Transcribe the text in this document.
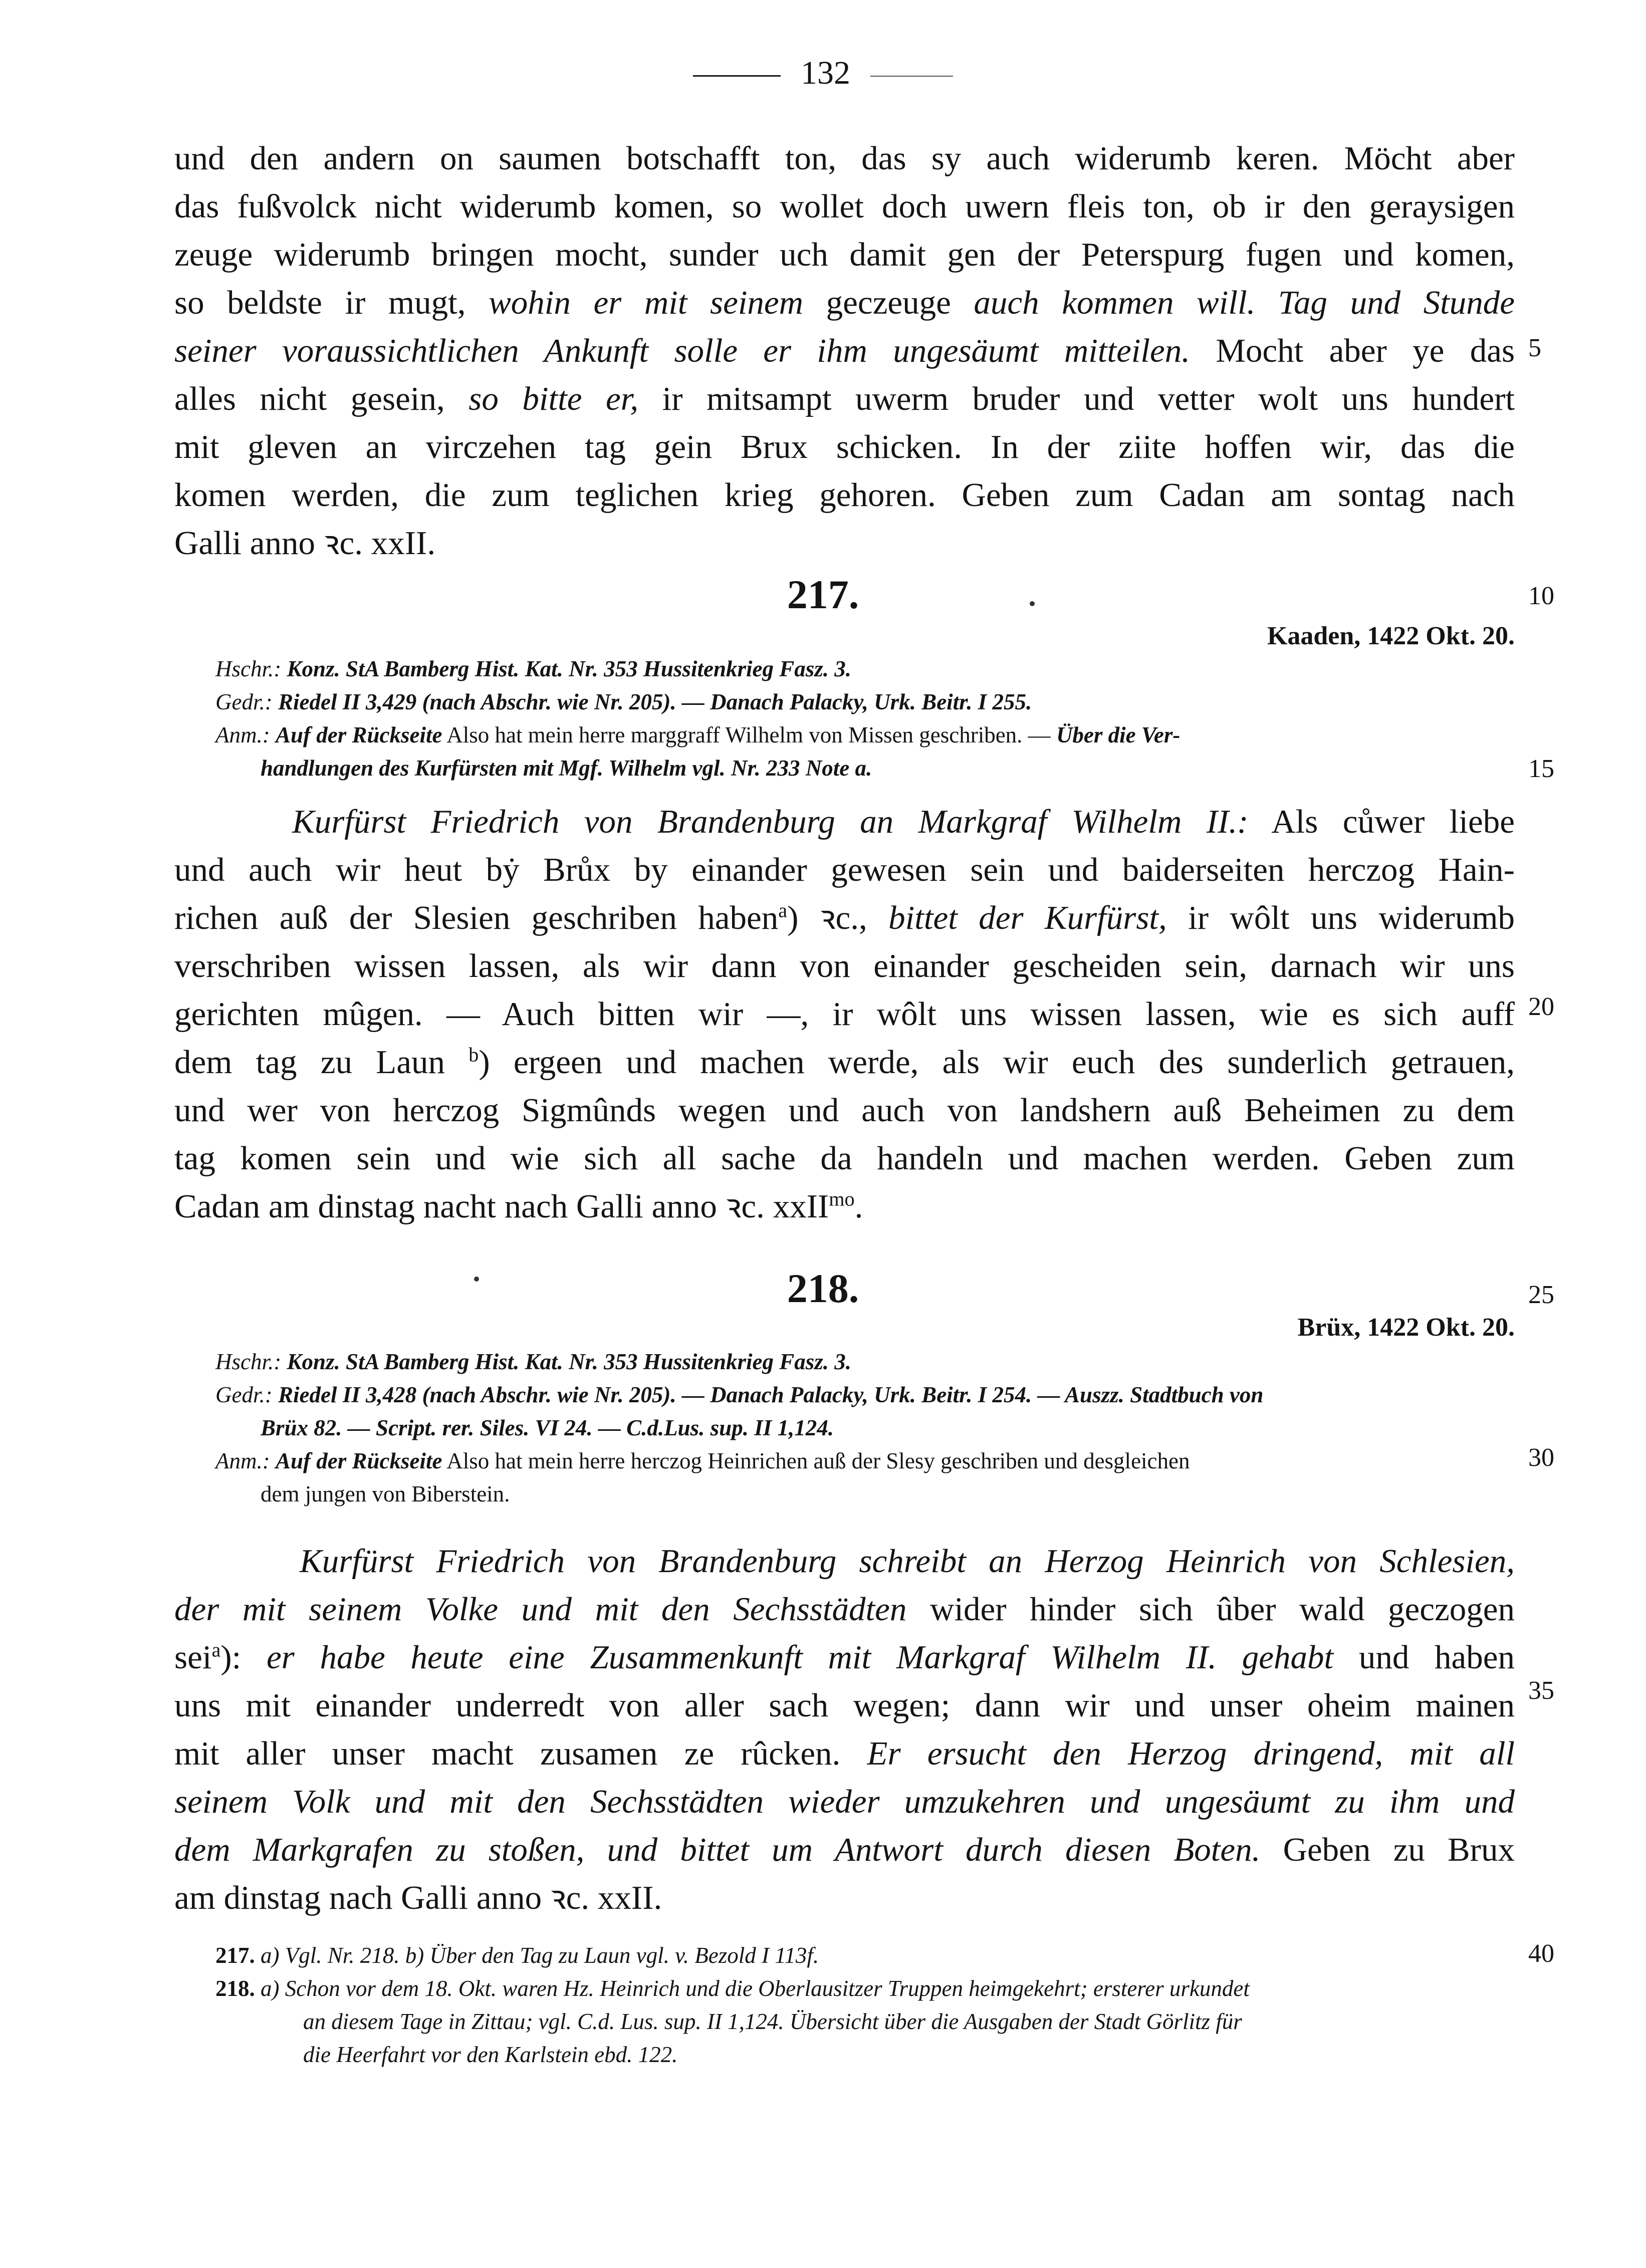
132
und den andern on saumen botschafft ton, das sy auch widerumb keren. Möcht aber
das fußvolck nicht widerumb komen, so wollet doch uwern fleis ton, ob ir den geraysigen
zeuge widerumb bringen mocht, sunder uch damit gen der Peterspurg fugen und komen,
so beldste ir mugt, wohin er mit seinem geczeuge auch kommen will. Tag und Stunde
seiner voraussichtlichen Ankunft solle er ihm ungesäumt mitteilen. Mocht aber ye das
alles nicht gesein, so bitte er, ir mitsampt uwerm bruder und vetter wolt uns hundert
mit gleven an virczehen tag gein Brux schicken. In der ziite hoffen wir, das die
komen werden, die zum teglichen krieg gehoren. Geben zum Cadan am sontag nach
Galli anno ꝛc. xxII.
217.
Kaaden, 1422 Okt. 20.
Hschr.: Konz. StA Bamberg Hist. Kat. Nr. 353 Hussitenkrieg Fasz. 3.
Gedr.: Riedel II 3,429 (nach Abschr. wie Nr. 205). — Danach Palacky, Urk. Beitr. I 255.
Anm.: Auf der Rückseite Also hat mein herre marggraff Wilhelm von Missen geschriben. — Über die Ver-
handlungen des Kurfürsten mit Mgf. Wilhelm vgl. Nr. 233 Note a.
Kurfürst Friedrich von Brandenburg an Markgraf Wilhelm II.: Als cůwer liebe
und auch wir heut bẏ Brůx by einander gewesen sein und baiderseiten herczog Hain-
richen auß der Slesien geschriben haben$^a$) ꝛc., bittet der Kurfürst, ir wôlt uns widerumb
verschriben wissen lassen, als wir dann von einander gescheiden sein, darnach wir uns
gerichten mûgen. — Auch bitten wir —, ir wôlt uns wissen lassen, wie es sich auff
dem tag zu Laun $^b$) ergeen und machen werde, als wir euch des sunderlich getrauen,
und wer von herczog Sigmûnds wegen und auch von landshern auß Beheimen zu dem
tag komen sein und wie sich all sache da handeln und machen werden. Geben zum
Cadan am dinstag nacht nach Galli anno ꝛc. xxII$^{mo}$.
218.
Brüx, 1422 Okt. 20.
Hschr.: Konz. StA Bamberg Hist. Kat. Nr. 353 Hussitenkrieg Fasz. 3.
Gedr.: Riedel II 3,428 (nach Abschr. wie Nr. 205). — Danach Palacky, Urk. Beitr. I 254. — Auszz. Stadtbuch von
Brüx 82. — Script. rer. Siles. VI 24. — C.d.Lus. sup. II 1,124.
Anm.: Auf der Rückseite Also hat mein herre herczog Heinrichen auß der Slesy geschriben und desgleichen
dem jungen von Biberstein.
Kurfürst Friedrich von Brandenburg schreibt an Herzog Heinrich von Schlesien,
der mit seinem Volke und mit den Sechsstädten wider hinder sich ûber wald geczogen
sei$^a$): er habe heute eine Zusammenkunft mit Markgraf Wilhelm II. gehabt und haben
uns mit einander underredt von aller sach wegen; dann wir und unser oheim mainen
mit aller unser macht zusamen ze rûcken. Er ersucht den Herzog dringend, mit all
seinem Volk und mit den Sechsstädten wieder umzukehren und ungesäumt zu ihm und
dem Markgrafen zu stoßen, und bittet um Antwort durch diesen Boten. Geben zu Brux
am dinstag nach Galli anno ꝛc. xxII.
217. a) Vgl. Nr. 218. b) Über den Tag zu Laun vgl. v. Bezold I 113f.
218. a) Schon vor dem 18. Okt. waren Hz. Heinrich und die Oberlausitzer Truppen heimgekehrt; ersterer urkundet
an diesem Tage in Zittau; vgl. C.d. Lus. sup. II 1,124. Übersicht über die Ausgaben der Stadt Görlitz für
die Heerfahrt vor den Karlstein ebd. 122.
5
10
15
20
25
30
35
40
